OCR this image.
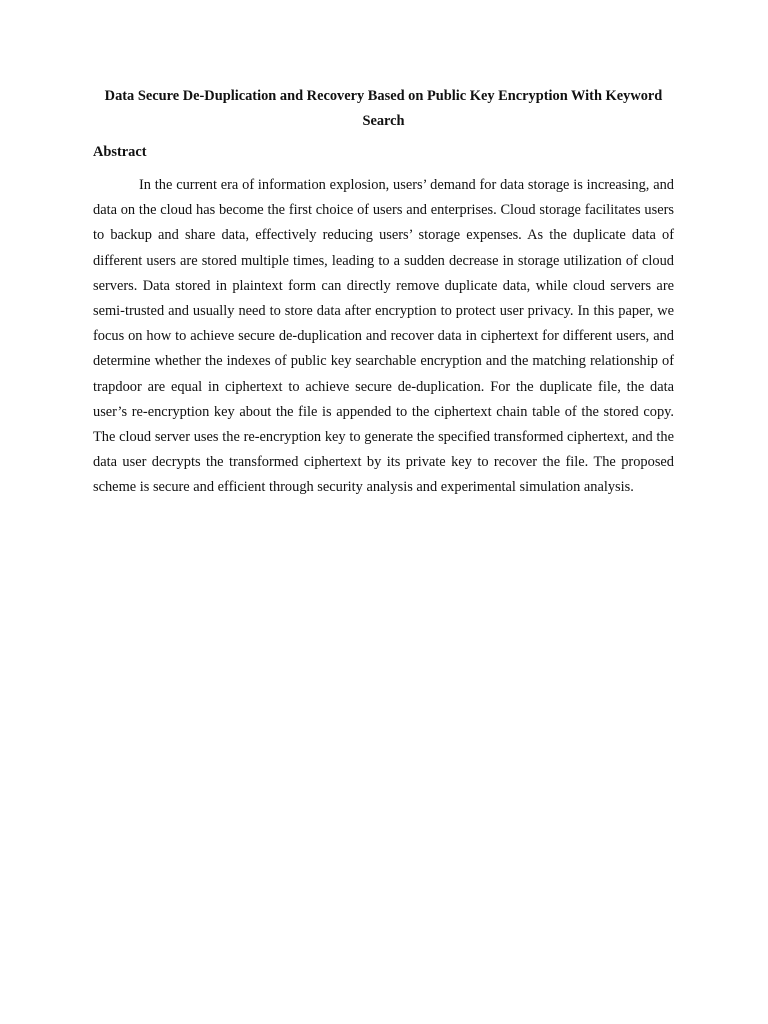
Data Secure De-Duplication and Recovery Based on Public Key Encryption With Keyword Search
Abstract

In the current era of information explosion, users’ demand for data storage is increasing, and data on the cloud has become the first choice of users and enterprises. Cloud storage facilitates users to backup and share data, effectively reducing users’ storage expenses. As the duplicate data of different users are stored multiple times, leading to a sudden decrease in storage utilization of cloud servers. Data stored in plaintext form can directly remove duplicate data, while cloud servers are semi-trusted and usually need to store data after encryption to protect user privacy. In this paper, we focus on how to achieve secure de-duplication and recover data in ciphertext for different users, and determine whether the indexes of public key searchable encryption and the matching relationship of trapdoor are equal in ciphertext to achieve secure de-duplication. For the duplicate file, the data user’s re-encryption key about the file is appended to the ciphertext chain table of the stored copy. The cloud server uses the re-encryption key to generate the specified transformed ciphertext, and the data user decrypts the transformed ciphertext by its private key to recover the file. The proposed scheme is secure and efficient through security analysis and experimental simulation analysis.
